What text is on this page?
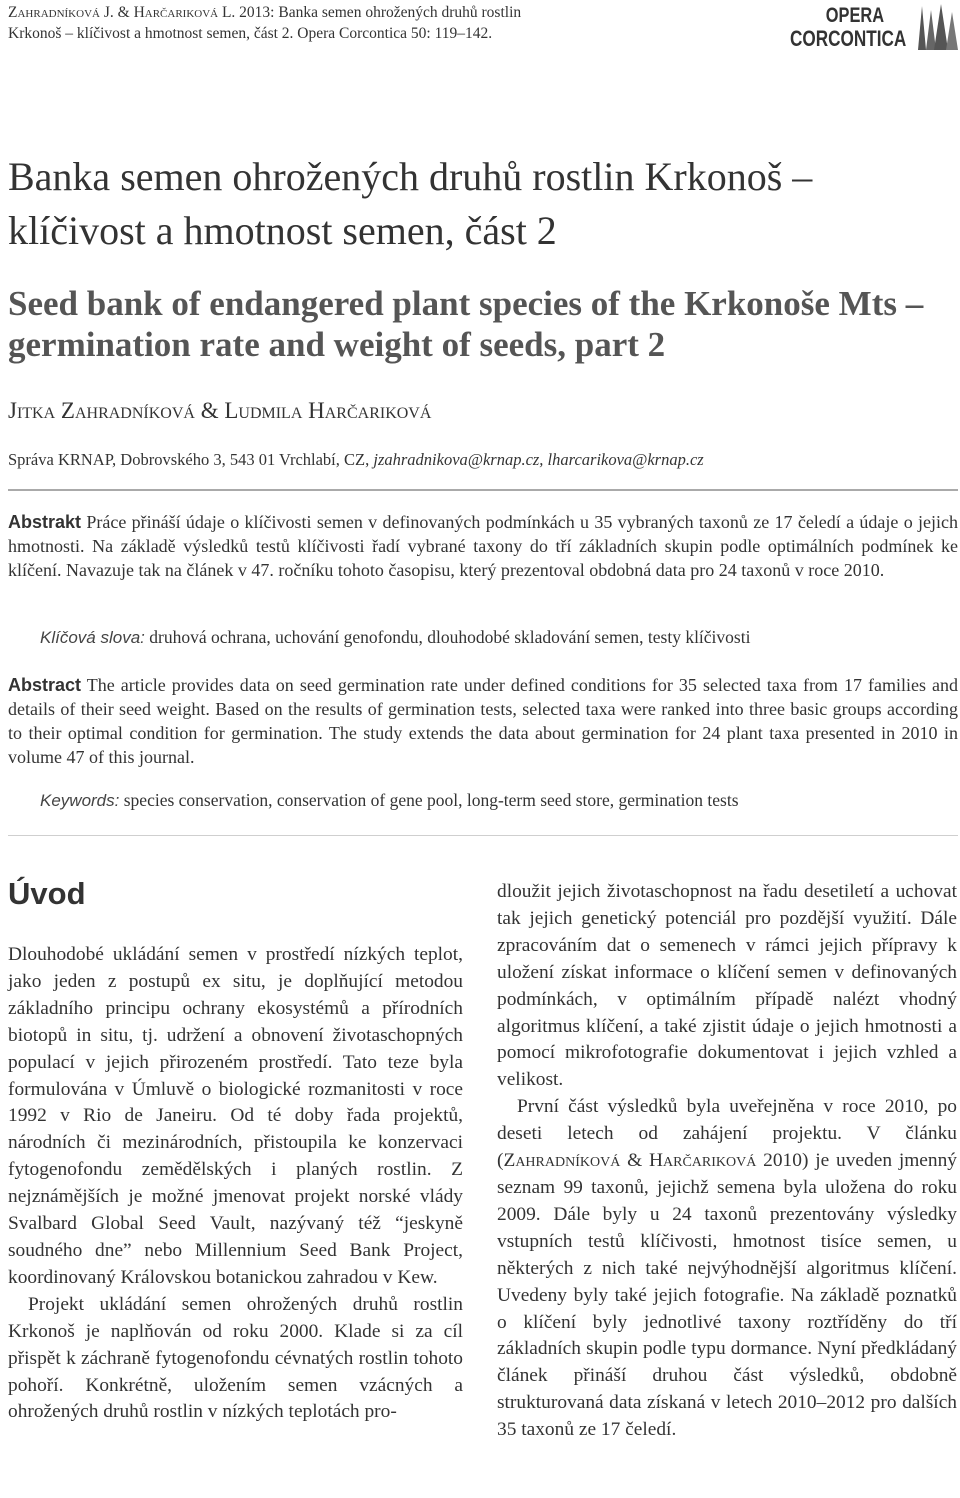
Zahradníková J. & Harčariková L. 2013: Banka semen ohrožených druhů rostlin Krkonoš – klíčivost a hmotnost semen, část 2. Opera Corcontica 50: 119–142.
OPERA
CORCONTICA
Banka semen ohrožených druhů rostlin Krkonoš – klíčivost a hmotnost semen, část 2
Seed bank of endangered plant species of the Krkonoše Mts – germination rate and weight of seeds, part 2
Jitka Zahradníková & Ludmila Harčariková
Správa KRNAP, Dobrovského 3, 543 01 Vrchlabí, CZ, jzahradnikova@krnap.cz, lharcarikova@krnap.cz
Abstrakt Práce přináší údaje o klíčivosti semen v definovaných podmínkách u 35 vybraných taxonů ze 17 čeledí a údaje o jejich hmotnosti. Na základě výsledků testů klíčivosti řadí vybrané taxony do tří základních skupin podle optimálních podmínek ke klíčení. Navazuje tak na článek v 47. ročníku tohoto časopisu, který prezentoval obdobná data pro 24 taxonů v roce 2010.
Klíčová slova: druhová ochrana, uchování genofondu, dlouhodobé skladování semen, testy klíčivosti
Abstract The article provides data on seed germination rate under defined conditions for 35 selected taxa from 17 families and details of their seed weight. Based on the results of germination tests, selected taxa were ranked into three basic groups according to their optimal condition for germination. The study extends the data about germination for 24 plant taxa presented in 2010 in volume 47 of this journal.
Keywords: species conservation, conservation of gene pool, long-term seed store, germination tests
Úvod

Dlouhodobé ukládání semen v prostředí nízkých teplot, jako jeden z postupů ex situ, je doplňující metodou základního principu ochrany ekosystémů a přírodních biotopů in situ, tj. udržení a obnovení životaschopných populací v jejich přirozeném prostředí. Tato teze byla formulována v Úmluvě o biologické rozmanitosti v roce 1992 v Rio de Janeiru. Od té doby řada projektů, národních či mezinárodních, přistoupila ke konzervaci fytogenofondu zemědělských i planých rostlin. Z nejznámějších je možné jmenovat projekt norské vlády Svalbard Global Seed Vault, nazývaný též “jeskyně soudného dne” nebo Millennium Seed Bank Project, koordinovaný Královskou botanickou zahradou v Kew.

Projekt ukládání semen ohrožených druhů rostlin Krkonoš je naplňován od roku 2000. Klade si za cíl přispět k záchraně fytogenofondu cévnatých rostlin tohoto pohoří. Konkrétně, uložením semen vzácných a ohrožených druhů rostlin v nízkých teplotách pro-

dloužit jejich životaschopnost na řadu desetiletí a uchovat tak jejich genetický potenciál pro pozdější využití. Dále zpracováním dat o semenech v rámci jejich přípravy k uložení získat informace o klíčení semen v definovaných podmínkách, v optimálním případě nalézt vhodný algoritmus klíčení, a také zjistit údaje o jejich hmotnosti a pomocí mikrofotografie dokumentovat i jejich vzhled a velikost.

První část výsledků byla uveřejněna v roce 2010, po deseti letech od zahájení projektu. V článku (Zahradníková & Harčariková 2010) je uveden jmenný seznam 99 taxonů, jejichž semena byla uložena do roku 2009. Dále byly u 24 taxonů prezentovány výsledky vstupních testů klíčivosti, hmotnost tisíce semen, u některých z nich také nejvýhodnější algoritmus klíčení. Uvedeny byly také jejich fotografie. Na základě poznatků o klíčení byly jednotlivé taxony roztříděny do tří základních skupin podle typu dormance. Nyní předkládaný článek přináší druhou část výsledků, obdobně strukturovaná data získaná v letech 2010–2012 pro dalších 35 taxonů ze 17 čeledí.
